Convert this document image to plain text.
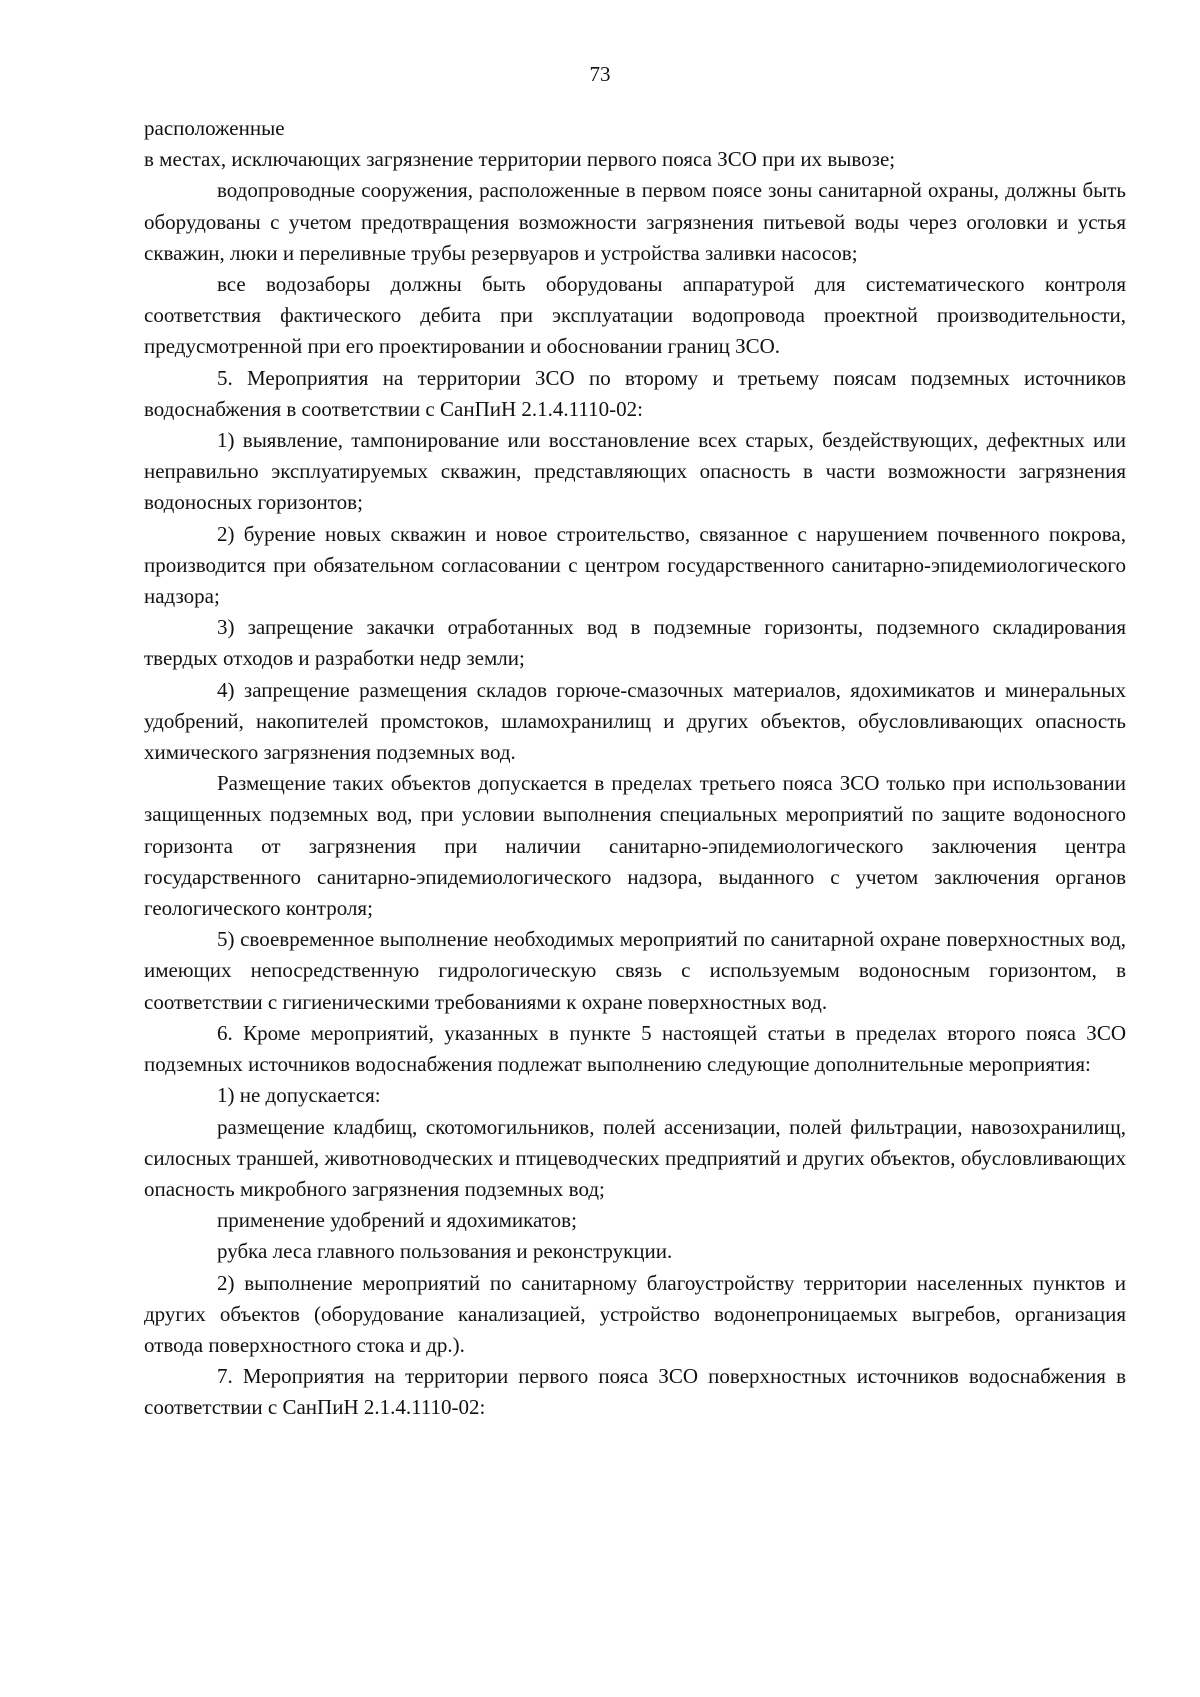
73

расположенные

в местах, исключающих загрязнение территории первого пояса ЗСО при их вывозе;

водопроводные сооружения, расположенные в первом поясе зоны санитарной охраны, должны быть оборудованы с учетом предотвращения возможности загрязнения питьевой воды через оголовки и устья скважин, люки и переливные трубы резервуаров и устройства заливки насосов;

все водозаборы должны быть оборудованы аппаратурой для систематического контроля соответствия фактического дебита при эксплуатации водопровода проектной производительности, предусмотренной при его проектировании и обосновании границ ЗСО.

5. Мероприятия на территории ЗСО по второму и третьему поясам подземных источников водоснабжения в соответствии с СанПиН 2.1.4.1110-02:

1) выявление, тампонирование или восстановление всех старых, бездействующих, дефектных или неправильно эксплуатируемых скважин, представляющих опасность в части возможности загрязнения водоносных горизонтов;

2) бурение новых скважин и новое строительство, связанное с нарушением почвенного покрова, производится при обязательном согласовании с центром государственного санитарно-эпидемиологического надзора;

3) запрещение закачки отработанных вод в подземные горизонты, подземного складирования твердых отходов и разработки недр земли;

4) запрещение размещения складов горюче-смазочных материалов, ядохимикатов и минеральных удобрений, накопителей промстоков, шламохранилищ и других объектов, обусловливающих опасность химического загрязнения подземных вод.

Размещение таких объектов допускается в пределах третьего пояса ЗСО только при использовании защищенных подземных вод, при условии выполнения специальных мероприятий по защите водоносного горизонта от загрязнения при наличии санитарно-эпидемиологического заключения центра государственного санитарно-эпидемиологического надзора, выданного с учетом заключения органов геологического контроля;

5) своевременное выполнение необходимых мероприятий по санитарной охране поверхностных вод, имеющих непосредственную гидрологическую связь с используемым водоносным горизонтом, в соответствии с гигиеническими требованиями к охране поверхностных вод.

6. Кроме мероприятий, указанных в пункте 5 настоящей статьи в пределах второго пояса ЗСО подземных источников водоснабжения подлежат выполнению следующие дополнительные мероприятия:

1) не допускается:

размещение кладбищ, скотомогильников, полей ассенизации, полей фильтрации, навозохранилищ, силосных траншей, животноводческих и птицеводческих предприятий и других объектов, обусловливающих опасность микробного загрязнения подземных вод;

применение удобрений и ядохимикатов;

рубка леса главного пользования и реконструкции.

2) выполнение мероприятий по санитарному благоустройству территории населенных пунктов и других объектов (оборудование канализацией, устройство водонепроницаемых выгребов, организация отвода поверхностного стока и др.).

7. Мероприятия на территории первого пояса ЗСО поверхностных источников водоснабжения в соответствии с СанПиН 2.1.4.1110-02:
